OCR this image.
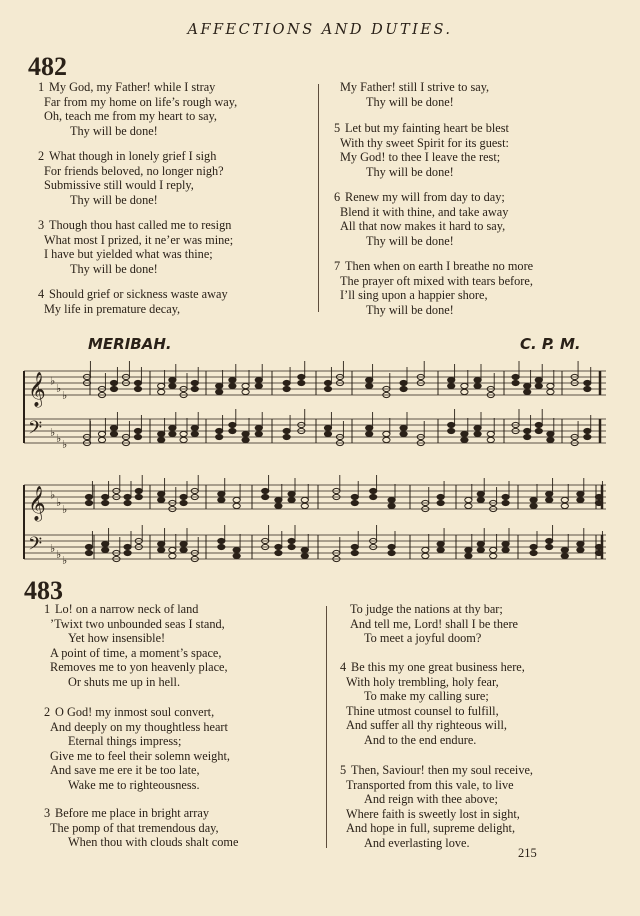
AFFECTIONS AND DUTIES.
482
1 My God, my Father! while I stray
Far from my home on life’s rough way,
Oh, teach me from my heart to say,
Thy will be done!
2 What though in lonely grief I sigh
For friends beloved, no longer nigh?
Submissive still would I reply,
Thy will be done!
3 Though thou hast called me to resign
What most I prized, it ne’er was mine;
I have but yielded what was thine;
Thy will be done!
4 Should grief or sickness waste away
My life in premature decay,
My Father! still I strive to say,
Thy will be done!
5 Let but my fainting heart be blest
With thy sweet Spirit for its guest:
My God! to thee I leave the rest;
Thy will be done!
6 Renew my will from day to day;
Blend it with thine, and take away
All that now makes it hard to say,
Thy will be done!
7 Then when on earth I breathe no more
The prayer oft mixed with tears before,
I’ll sing upon a happier shore,
Thy will be done!
MERIBAH.	C. P. M.
𝄞 ♭
♭
♭
𝄢 ♭ ♭ ♭
𝄞 ♭
♭
♭
𝄢 ♭ ♭ ♭
483
1 Lo! on a narrow neck of land
’Twixt two unbounded seas I stand,
Yet how insensible!
A point of time, a moment’s space,
Removes me to yon heavenly place,
Or shuts me up in hell.
2 O God! my inmost soul convert,
And deeply on my thoughtless heart
Eternal things impress;
Give me to feel their solemn weight,
And save me ere it be too late,
Wake me to righteousness.
3 Before me place in bright array
The pomp of that tremendous day,
When thou with clouds shalt come
To judge the nations at thy bar;
And tell me, Lord! shall I be there
To meet a joyful doom?
4 Be this my one great business here,
With holy trembling, holy fear,
To make my calling sure;
Thine utmost counsel to fulfill,
And suffer all thy righteous will,
And to the end endure.
5 Then, Saviour! then my soul receive,
Transported from this vale, to live
And reign with thee above;
Where faith is sweetly lost in sight,
And hope in full, supreme delight,
And everlasting love.
215
